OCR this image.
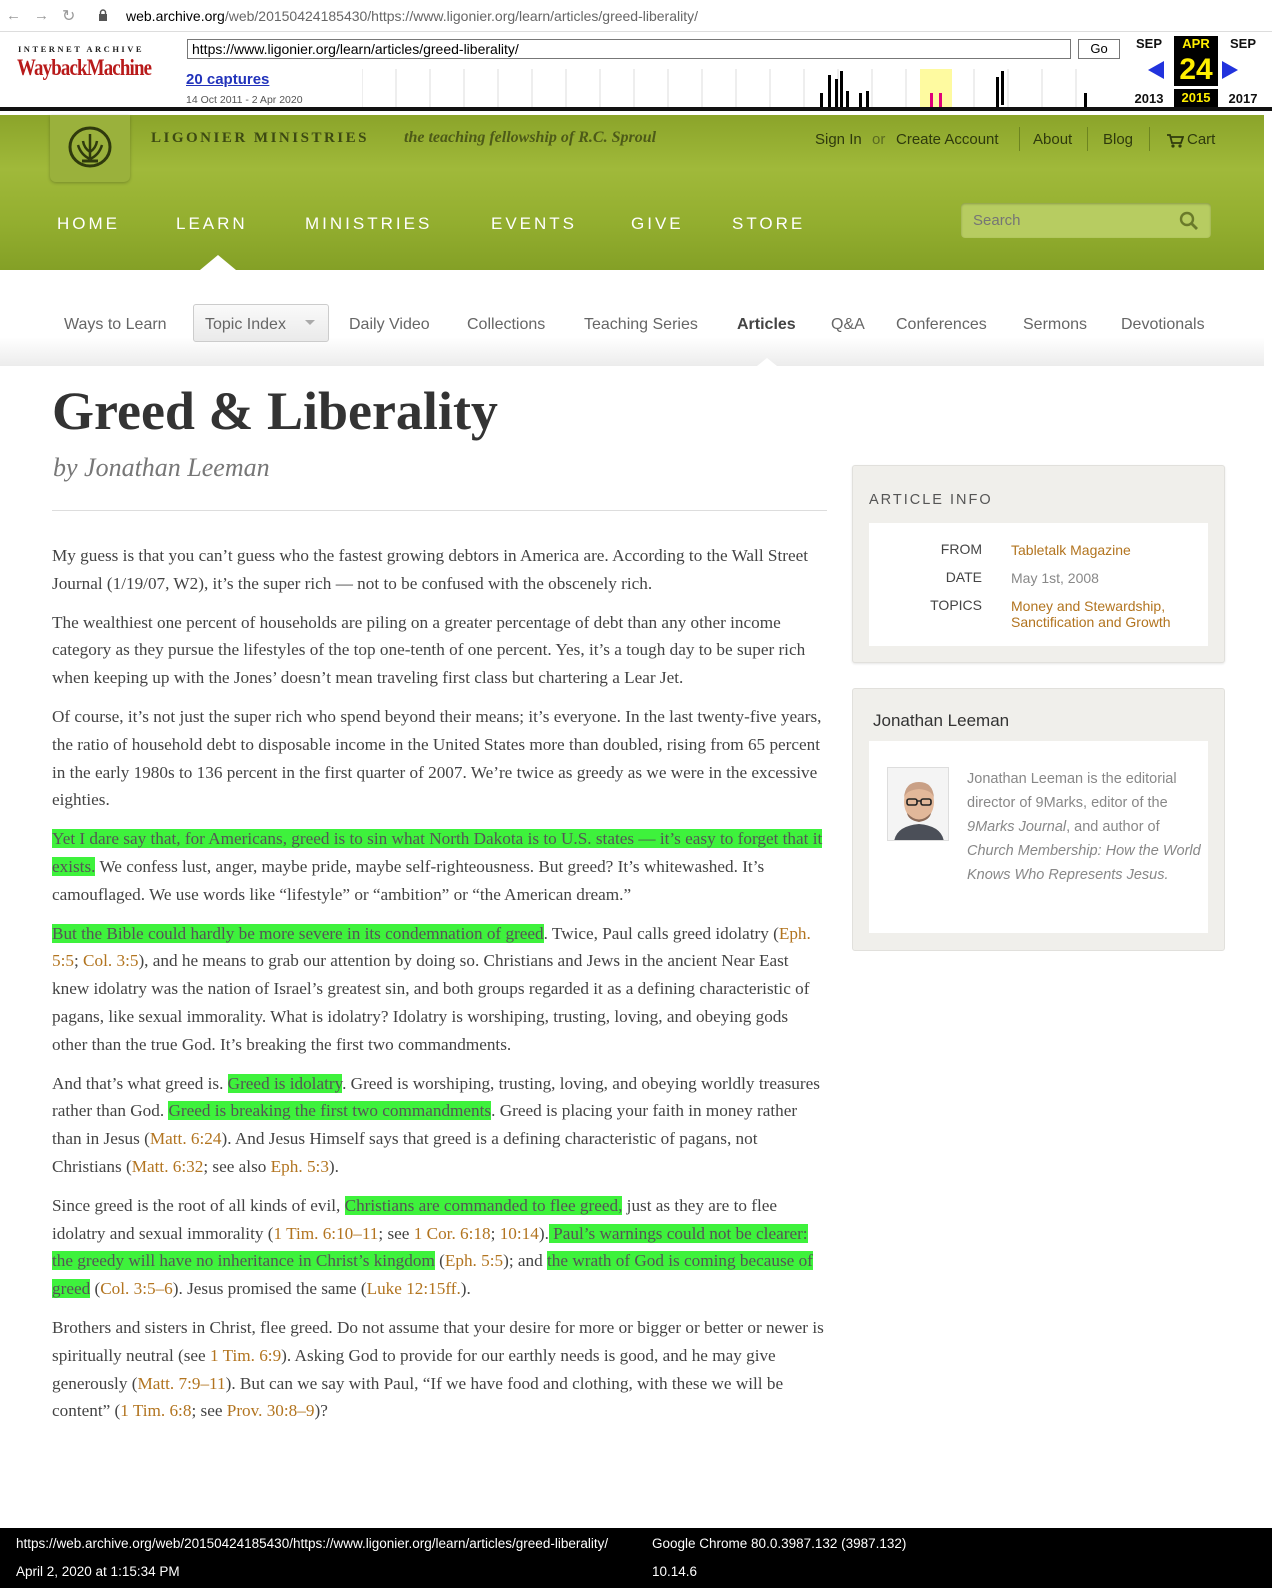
← → ↻	web.archive.org/web/20150424185430/https://www.ligonier.org/learn/articles/greed-liberality/
INTERNET ARCHIVE
WaybackMachine
https://www.ligonier.org/learn/articles/greed-liberality/
Go
20 captures
14 Oct 2011 - 2 Apr 2020
SEP	APR	SEP
24
2013	2015	2017
LIGONIER MINISTRIES the teaching fellowship of R.C. Sproul	Sign In or Create Account About Blog	Cart
HOME	LEARN	MINISTRIES	EVENTS	GIVE	STORE
Search
Ways to Learn Topic Index	Daily Video Collections Teaching Series Articles Q&A Conferences Sermons Devotionals
Greed & Liberality
by Jonathan Leeman

My guess is that you can’t guess who the fastest growing debtors in America are. According to the Wall Street Journal (1/19/07, W2), it’s the super rich — not to be confused with the obscenely rich.

The wealthiest one percent of households are piling on a greater percentage of debt than any other income category as they pursue the lifestyles of the top one-tenth of one percent. Yes, it’s a tough day to be super rich when keeping up with the Jones’ doesn’t mean traveling first class but chartering a Lear Jet.

Of course, it’s not just the super rich who spend beyond their means; it’s everyone. In the last twenty-five years, the ratio of household debt to disposable income in the United States more than doubled, rising from 65 percent in the early 1980s to 136 percent in the first quarter of 2007. We’re twice as greedy as we were in the excessive eighties.

Yet I dare say that, for Americans, greed is to sin what North Dakota is to U.S. states — it’s easy to forget that it exists. We confess lust, anger, maybe pride, maybe self-righteousness. But greed? It’s whitewashed. It’s camouflaged. We use words like “lifestyle” or “ambition” or “the American dream.”

But the Bible could hardly be more severe in its condemnation of greed. Twice, Paul calls greed idolatry (Eph. 5:5; Col. 3:5), and he means to grab our attention by doing so. Christians and Jews in the ancient Near East knew idolatry was the nation of Israel’s greatest sin, and both groups regarded it as a defining characteristic of pagans, like sexual immorality. What is idolatry? Idolatry is worshiping, trusting, loving, and obeying gods other than the true God. It’s breaking the first two commandments.

And that’s what greed is. Greed is idolatry. Greed is worshiping, trusting, loving, and obeying worldly treasures rather than God. Greed is breaking the first two commandments. Greed is placing your faith in money rather than in Jesus (Matt. 6:24). And Jesus Himself says that greed is a defining characteristic of pagans, not Christians (Matt. 6:32; see also Eph. 5:3).

Since greed is the root of all kinds of evil, Christians are commanded to flee greed, just as they are to flee idolatry and sexual immorality (1 Tim. 6:10–11; see 1 Cor. 6:18; 10:14). Paul’s warnings could not be clearer: the greedy will have no inheritance in Christ’s kingdom (Eph. 5:5); and the wrath of God is coming because of greed (Col. 3:5–6). Jesus promised the same (Luke 12:15ff.).

Brothers and sisters in Christ, flee greed. Do not assume that your desire for more or bigger or better or newer is spiritually neutral (see 1 Tim. 6:9). Asking God to provide for our earthly needs is good, and he may give generously (Matt. 7:9–11). But can we say with Paul, “If we have food and clothing, with these we will be content” (1 Tim. 6:8; see Prov. 30:8–9)?

ARTICLE INFO
FROM Tabletalk Magazine
DATE May 1st, 2008
TOPICS Money and Stewardship, Sanctification and Growth
Jonathan Leeman
Jonathan Leeman is the editorial director of 9Marks, editor of the 9Marks Journal, and author of Church Membership: How the World Knows Who Represents Jesus.
https://web.archive.org/web/20150424185430/https://www.ligonier.org/learn/articles/greed-liberality/	Google Chrome 80.0.3987.132 (3987.132)
April 2, 2020 at 1:15:34 PM	10.14.6
